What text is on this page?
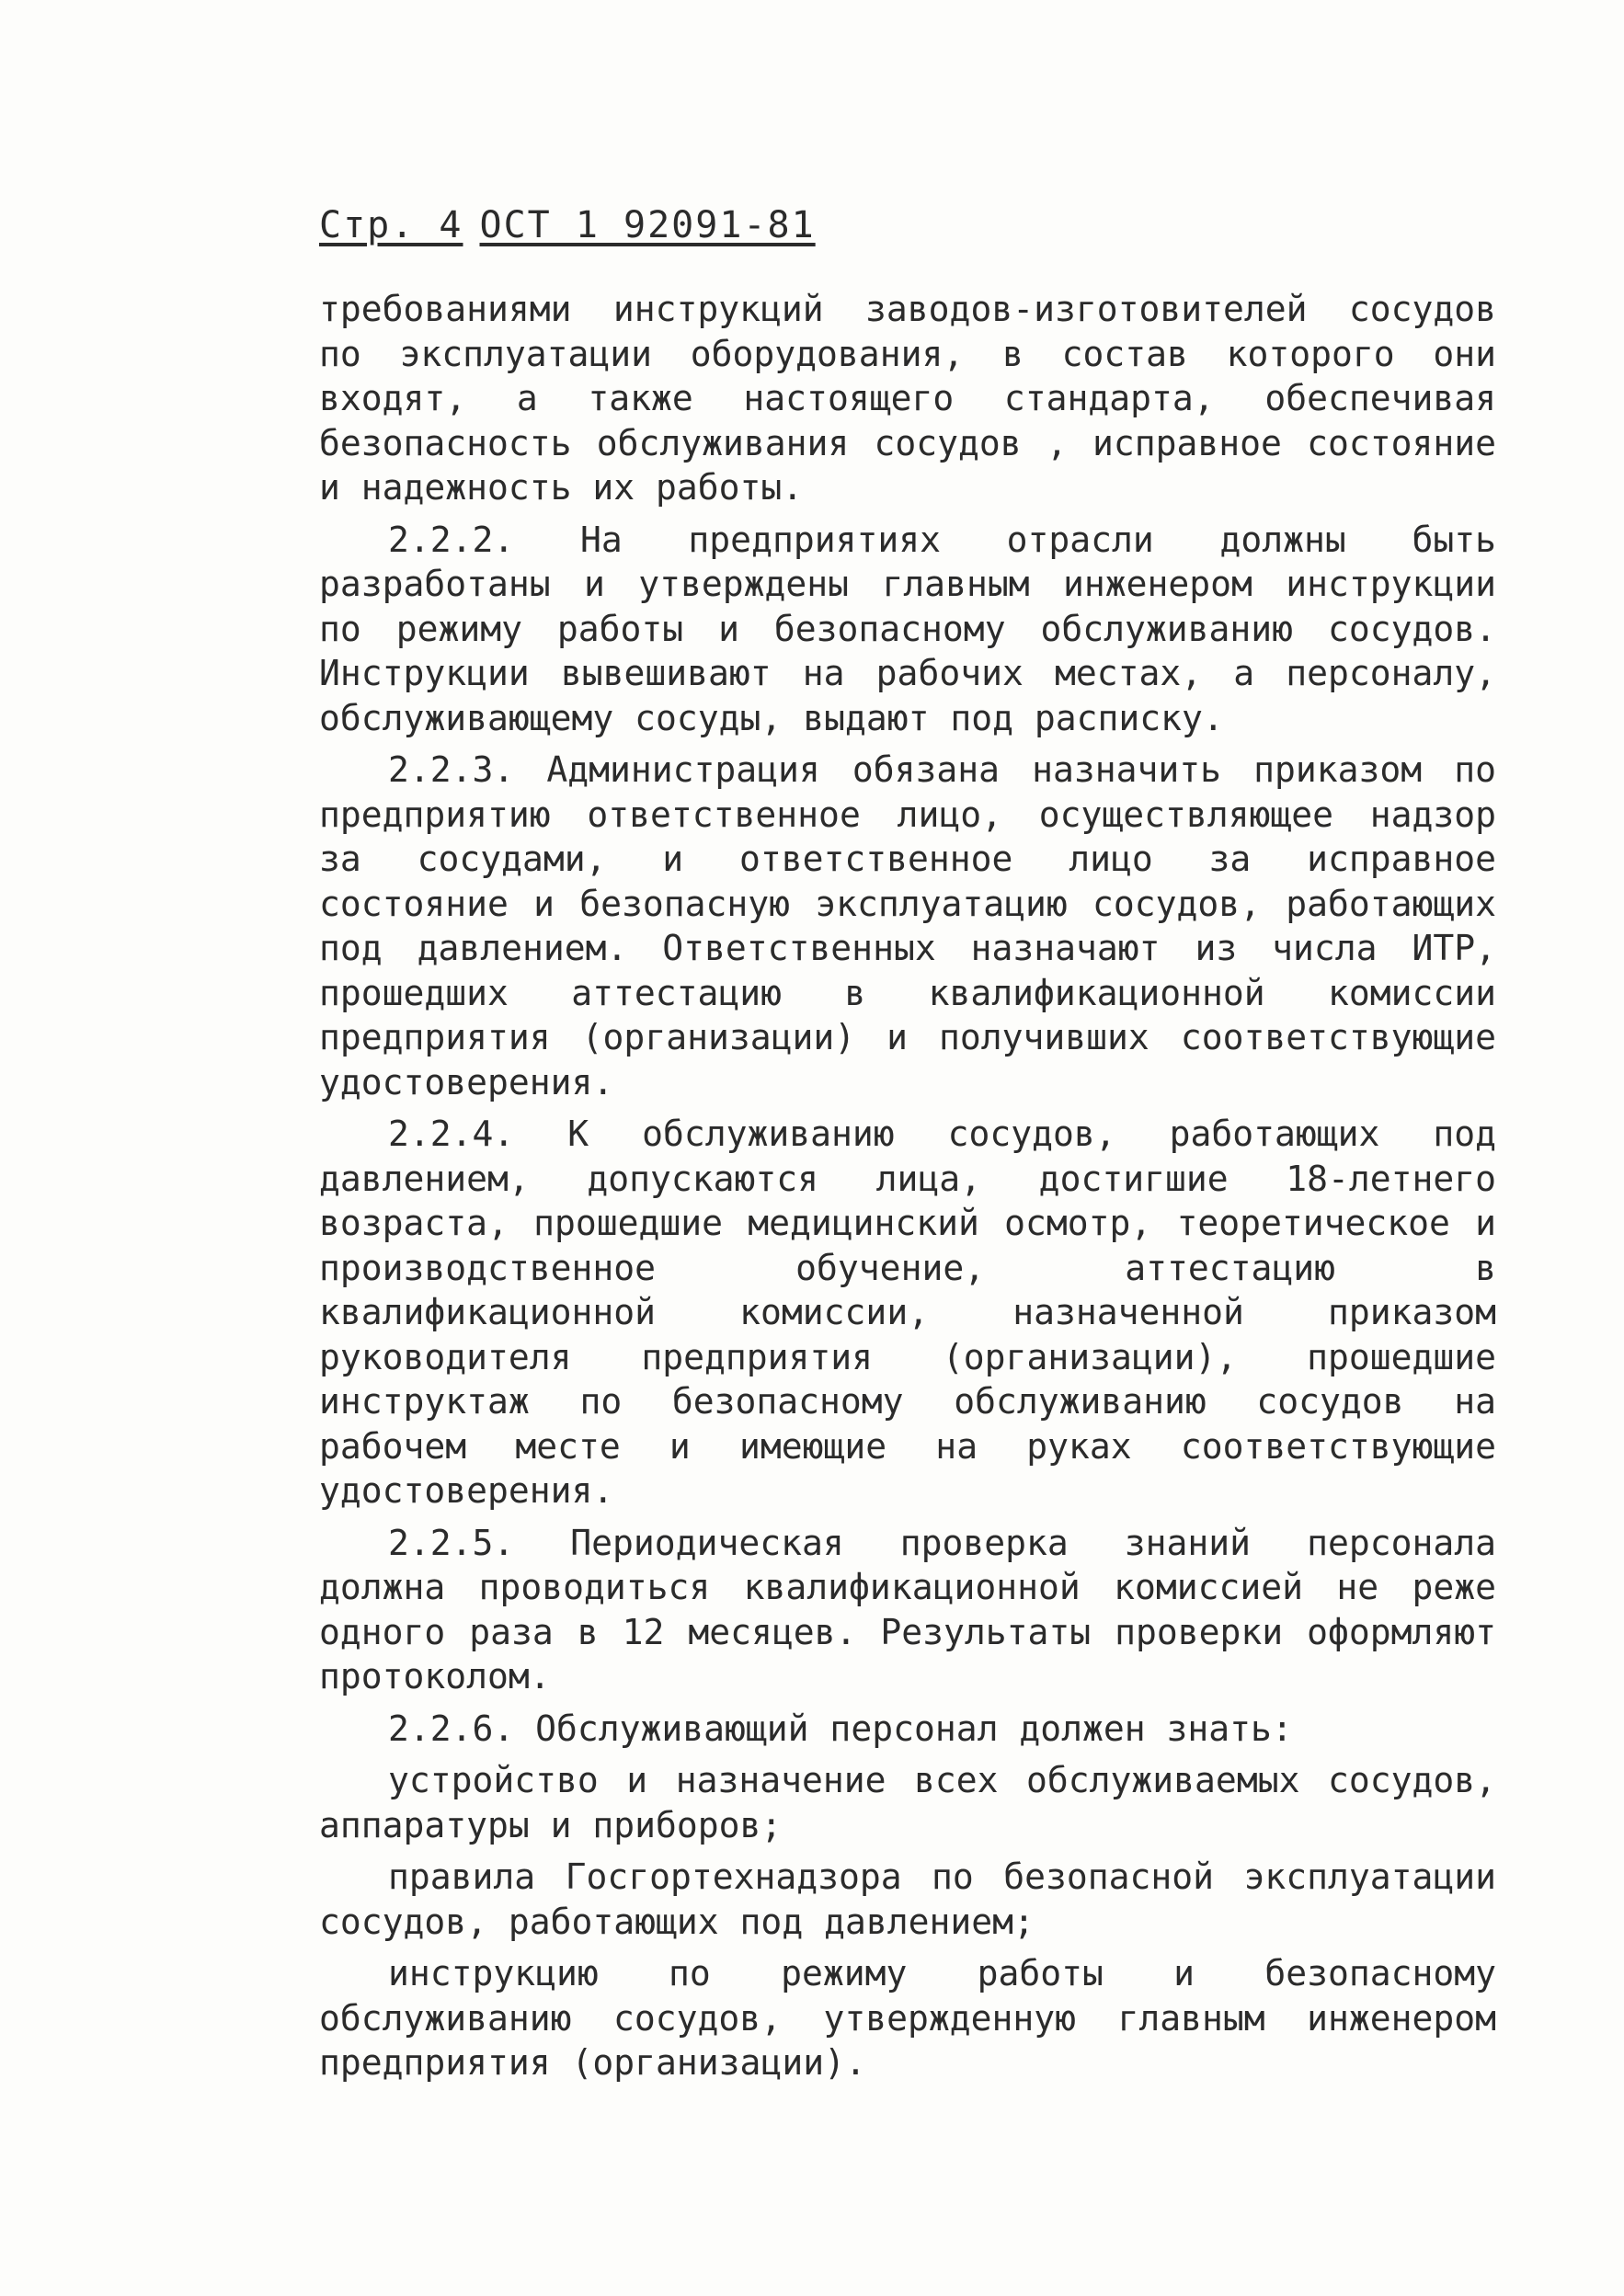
Стр. 4 ОСТ 1 92091-81

требованиями инструкций заводов-изготовителей сосудов по эксплуатации оборудования, в состав которого они входят, а также настоящего стандарта, обеспечивая безопасность обслуживания сосудов , исправное состояние и надежность их работы.

2.2.2. На предприятиях отрасли должны быть разработаны и утверждены главным инженером инструкции по режиму работы и безопасному обслуживанию сосудов. Инструкции вывешивают на рабочих местах, а персоналу, обслуживающему сосуды, выдают под расписку.

2.2.3. Администрация обязана назначить приказом по предприятию ответственное лицо, осуществляющее надзор за сосудами, и ответственное лицо за исправное состояние и безопасную эксплуатацию сосудов, работающих под давлением. Ответственных назначают из числа ИТР, прошедших аттестацию в квалификационной комиссии предприятия (организации) и получивших соответствующие удостоверения.

2.2.4. К обслуживанию сосудов, работающих под давлением, допускаются лица, достигшие 18-летнего возраста, прошедшие медицинский осмотр, теоретическое и производственное обучение, аттестацию в квалификационной комиссии, назначенной приказом руководителя предприятия (организации), прошедшие инструктаж по безопасному обслуживанию сосудов на рабочем месте и имеющие на руках соответствующие удостоверения.

2.2.5. Периодическая проверка знаний персонала должна проводиться квалификационной комиссией не реже одного раза в 12 месяцев. Результаты проверки оформляют протоколом.

2.2.6. Обслуживающий персонал должен знать:

устройство и назначение всех обслуживаемых сосудов, аппаратуры и приборов;

правила Госгортехнадзора по безопасной эксплуатации сосудов, работающих под давлением;

инструкцию по режиму работы и безопасному обслуживанию сосудов, утвержденную главным инженером предприятия (организации).
